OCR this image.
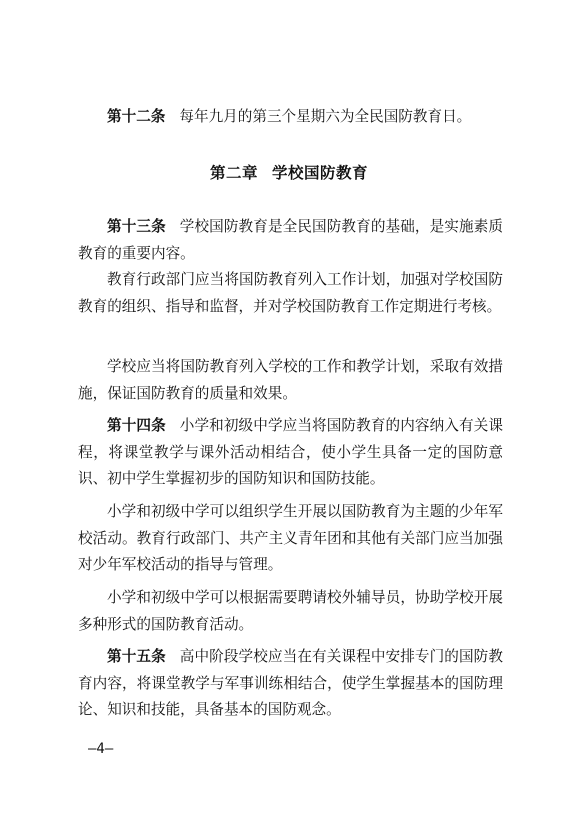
第十二条 每年九月的第三个星期六为全民国防教育日。

第二章 学校国防教育

第十三条 学校国防教育是全民国防教育的基础，是实施素质教育的重要内容。

教育行政部门应当将国防教育列入工作计划，加强对学校国防教育的组织、指导和监督，并对学校国防教育工作定期进行考核。

学校应当将国防教育列入学校的工作和教学计划，采取有效措施，保证国防教育的质量和效果。

第十四条 小学和初级中学应当将国防教育的内容纳入有关课程，将课堂教学与课外活动相结合，使小学生具备一定的国防意识、初中学生掌握初步的国防知识和国防技能。

小学和初级中学可以组织学生开展以国防教育为主题的少年军校活动。教育行政部门、共产主义青年团和其他有关部门应当加强对少年军校活动的指导与管理。

小学和初级中学可以根据需要聘请校外辅导员，协助学校开展多种形式的国防教育活动。

第十五条 高中阶段学校应当在有关课程中安排专门的国防教育内容，将课堂教学与军事训练相结合，使学生掌握基本的国防理论、知识和技能，具备基本的国防观念。

—4—
